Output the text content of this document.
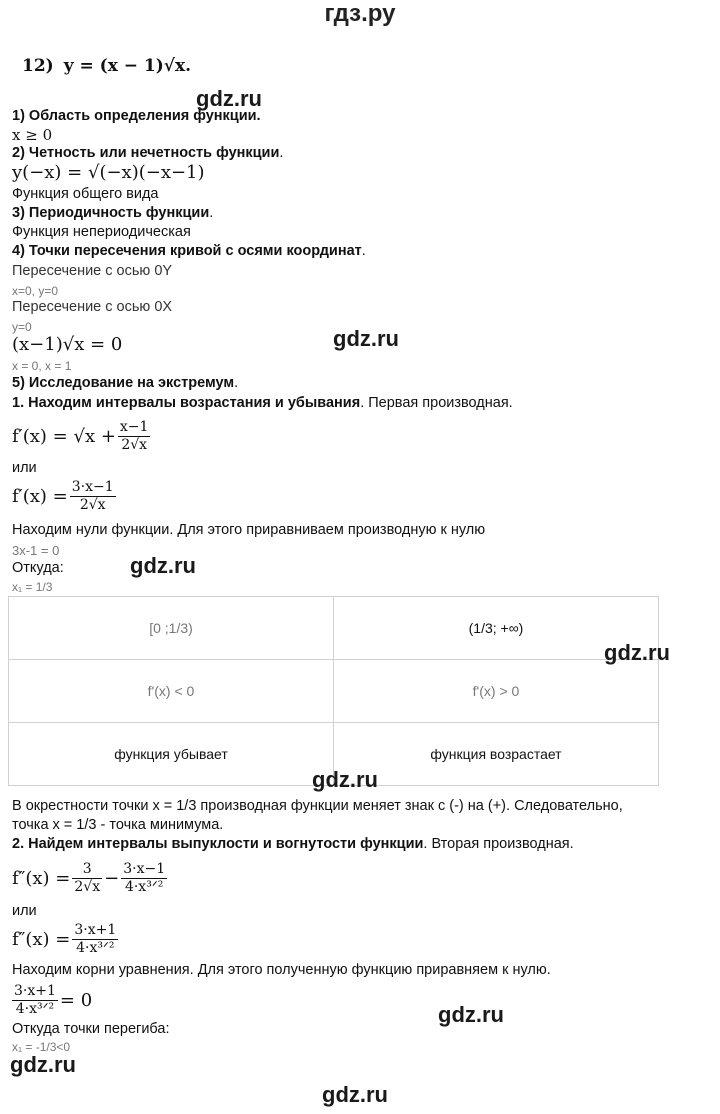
гдз.ру
12) y = (x − 1)√x.
gdz.ru
1) Область определения функции.
x ≥ 0
2) Четность или нечетность функции.
y(−x) = √(−x)(−x−1)
Функция общего вида
3) Периодичность функции.
Функция непериодическая
4) Точки пересечения кривой с осями координат.
Пересечение с осью 0Y
x=0, y=0
Пересечение с осью 0X
y=0	gdz.ru
(x−1)√x = 0
x = 0, x = 1
5) Исследование на экстремум.
1. Находим интервалы возрастания и убывания. Первая производная.
$f'(x) = √x + \frac{x-1}{2√x}$
или
$f'(x) = \frac{3\cdot x-1}{2√x}$
Находим нули функции. Для этого приравниваем производную к нулю
3x-1 = 0
Откуда:	gdz.ru
x₁ = 1/3
[0 ;1/3)	(1/3; +∞)
f'(x) < 0	f'(x) > 0
функция убывает	функция возрастает
gdz.ru
gdz.ru
В окрестности точки x = 1/3 производная функции меняет знак с (-) на (+). Следовательно,
точка x = 1/3 - точка минимума.
2. Найдем интервалы выпуклости и вогнутости функции. Вторая производная.
$f''(x) = \frac{3}{2√x} - \frac{3\cdot x-1}{\text{4·x³ᐟ²}}$
или
$f''(x) = \frac{3\cdot x+1}{\text{4·x³ᐟ²}}$
Находим корни уравнения. Для этого полученную функцию приравняем к нулю.
$\frac{3\cdot x+1}{\text{4·x³ᐟ²}} = 0$
gdz.ru
Откуда точки перегиба:
x₁ = -1/3<0
gdz.ru
gdz.ru
